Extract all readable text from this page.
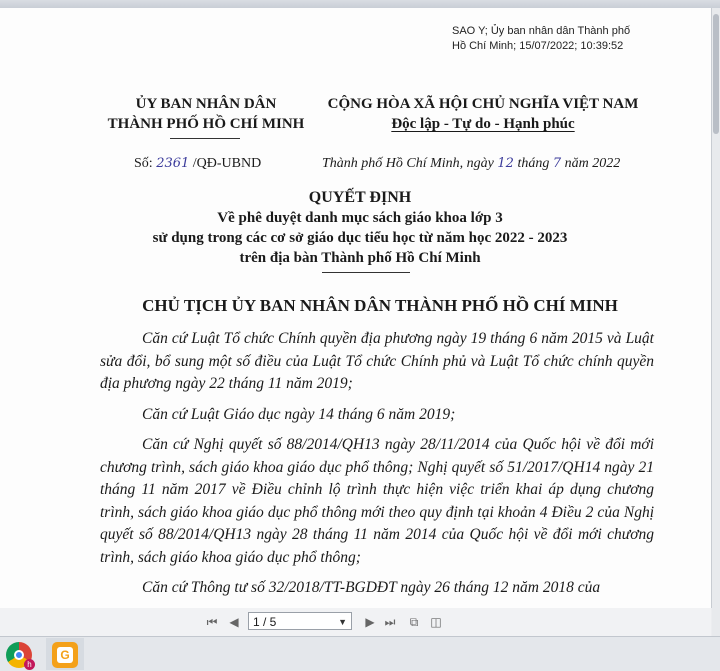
SAO Y; Ủy ban nhân dân Thành phố
Hồ Chí Minh; 15/07/2022; 10:39:52
ỦY BAN NHÂN DÂN
THÀNH PHỐ HỒ CHÍ MINH
CỘNG HÒA XÃ HỘI CHỦ NGHĨA VIỆT NAM
Độc lập - Tự do - Hạnh phúc
Số: 2361 /QĐ-UBND	Thành phố Hồ Chí Minh, ngày 12 tháng 7 năm 2022
QUYẾT ĐỊNH
Về phê duyệt danh mục sách giáo khoa lớp 3
sử dụng trong các cơ sở giáo dục tiểu học từ năm học 2022 - 2023
trên địa bàn Thành phố Hồ Chí Minh
CHỦ TỊCH ỦY BAN NHÂN DÂN THÀNH PHỐ HỒ CHÍ MINH

Căn cứ Luật Tổ chức Chính quyền địa phương ngày 19 tháng 6 năm 2015 và Luật sửa đổi, bổ sung một số điều của Luật Tổ chức Chính phủ và Luật Tổ chức chính quyền địa phương ngày 22 tháng 11 năm 2019;

Căn cứ Luật Giáo dục ngày 14 tháng 6 năm 2019;

Căn cứ Nghị quyết số 88/2014/QH13 ngày 28/11/2014 của Quốc hội về đổi mới chương trình, sách giáo khoa giáo dục phổ thông; Nghị quyết số 51/2017/QH14 ngày 21 tháng 11 năm 2017 về Điều chỉnh lộ trình thực hiện việc triển khai áp dụng chương trình, sách giáo khoa giáo dục phổ thông mới theo quy định tại khoản 4 Điều 2 của Nghị quyết số 88/2014/QH13 ngày 28 tháng 11 năm 2014 của Quốc hội về đổi mới chương trình, sách giáo khoa giáo dục phổ thông;

Căn cứ Thông tư số 32/2018/TT-BGDĐT ngày 26 tháng 12 năm 2018 của

⏮ ◀	1 / 5	▼ ▶ ⏭	⧉	◫
h
G
